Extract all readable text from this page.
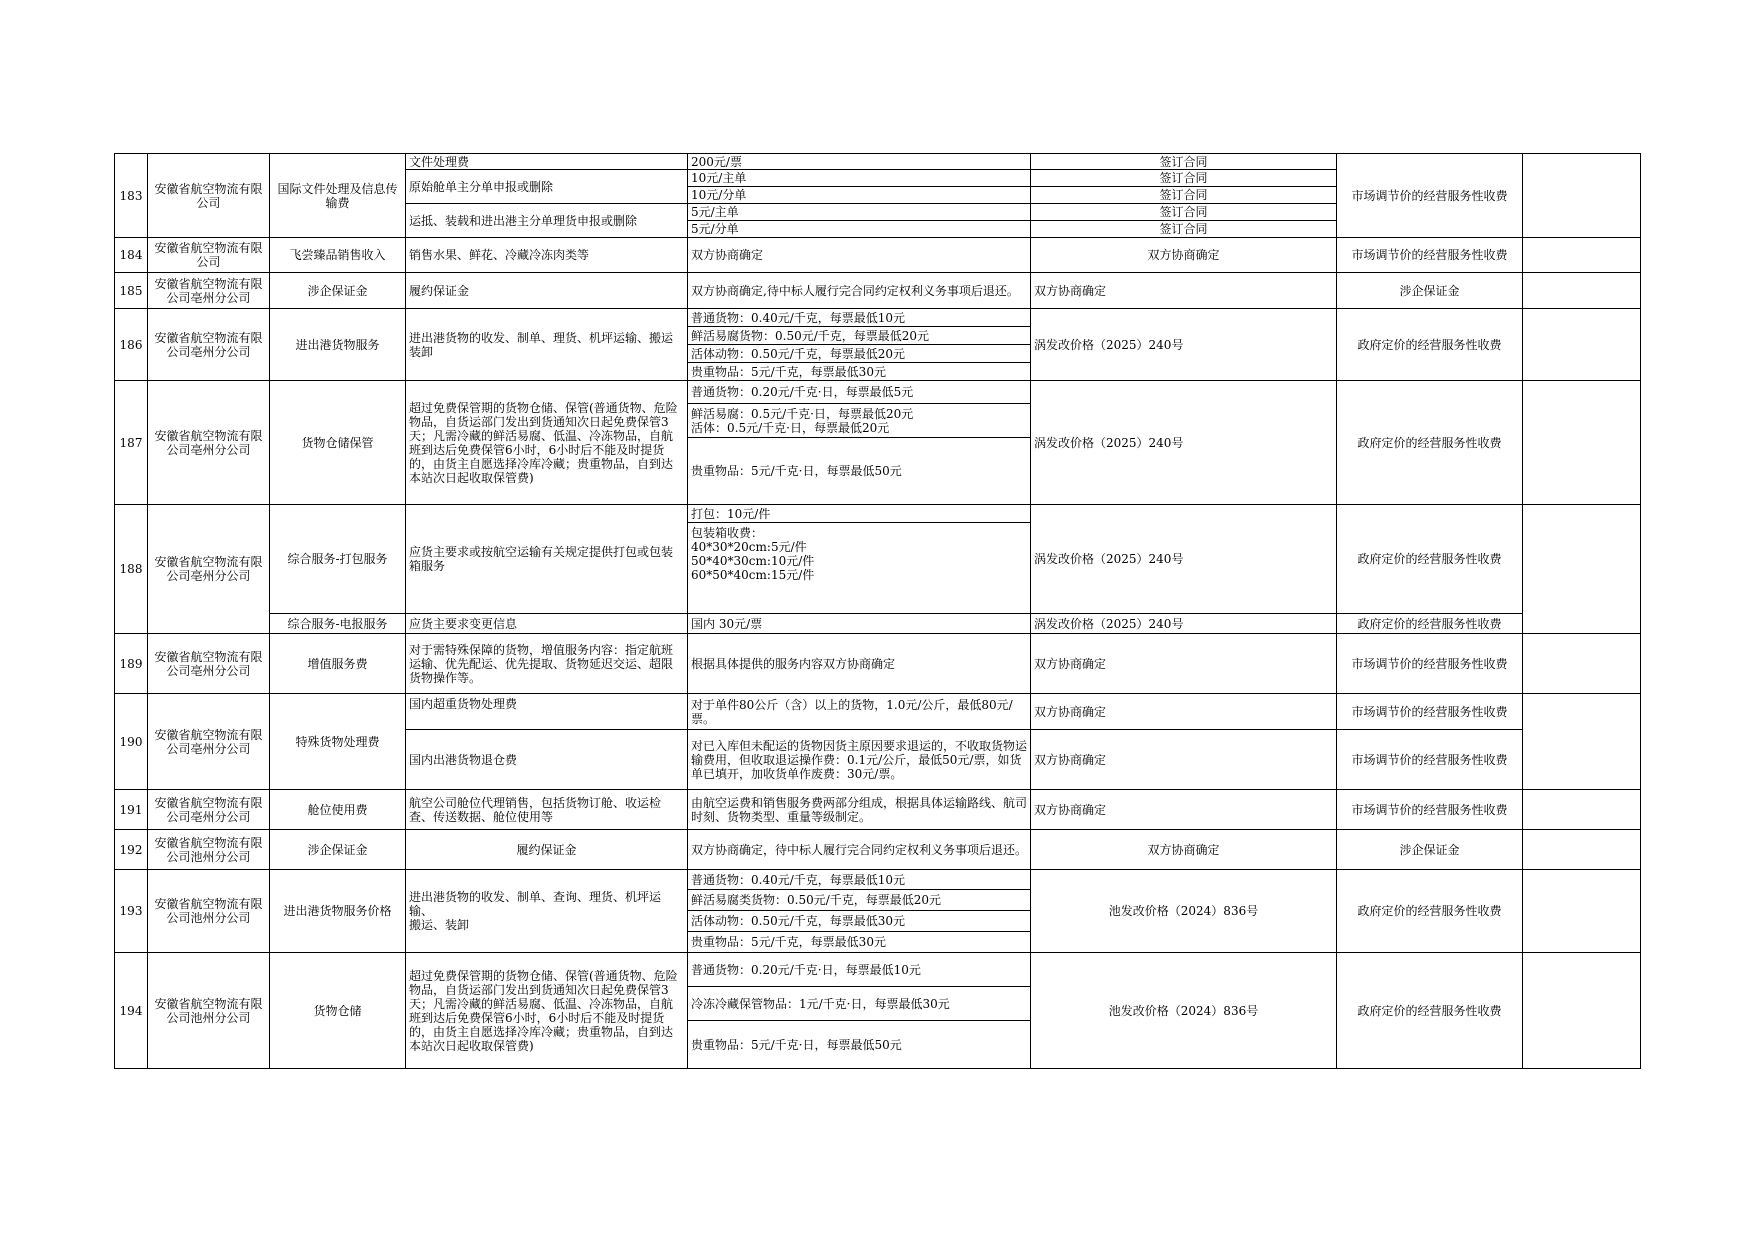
183	安徽省航空物流有限公司	国际文件处理及信息传输费	文件处理费	200元/票	签订合同	市场调节价的经营服务性收费	
			原始舱单主分单申报或删除	10元/主单	签订合同		
				10元/分单	签订合同		
			运抵、装载和进出港主分单理货申报或删除	5元/主单	签订合同		
				5元/分单	签订合同		
184	安徽省航空物流有限公司	飞尝臻品销售收入	销售水果、鲜花、冷藏冷冻肉类等	双方协商确定	双方协商确定	市场调节价的经营服务性收费	
185	安徽省航空物流有限公司亳州分公司	涉企保证金	履约保证金	双方协商确定,待中标人履行完合同约定权利义务事项后退还。	双方协商确定	涉企保证金	
186	安徽省航空物流有限公司亳州分公司	进出港货物服务	进出港货物的收发、制单、理货、机坪运输、搬运装卸	普通货物：0.40元/千克，每票最低10元	涡发改价格（2025）240号	政府定价的经营服务性收费	
				鲜活易腐货物：0.50元/千克，每票最低20元			
				活体动物：0.50元/千克，每票最低20元			
				贵重物品：5元/千克，每票最低30元			
187	安徽省航空物流有限公司亳州分公司	货物仓储保管	超过免费保管期的货物仓储、保管(普通货物、危险物品，自货运部门发出到货通知次日起免费保管3天；凡需冷藏的鲜活易腐、低温、冷冻物品，自航班到达后免费保管6小时，6小时后不能及时提货的，由货主自愿选择冷库冷藏；贵重物品，自到达本站次日起收取保管费)	普通货物：0.20元/千克·日，每票最低5元	涡发改价格（2025）240号	政府定价的经营服务性收费	

				鲜活易腐：0.5元/千克·日，每票最低20元
活体：0.5元/千克·日，每票最低20元			

				贵重物品：5元/千克·日，每票最低50元			
188	安徽省航空物流有限公司亳州分公司	综合服务-打包服务	应货主要求或按航空运输有关规定提供打包或包装箱服务	打包：10元/件	涡发改价格（2025）240号	政府定价的经营服务性收费	

				包装箱收费：
40*30*20cm:5元/件
50*40*30cm:10元/件
60*50*40cm:15元/件			

		综合服务-电报服务	应货主要求变更信息	国内 30元/票	涡发改价格（2025）240号	政府定价的经营服务性收费	
189	安徽省航空物流有限公司亳州分公司	增值服务费	对于需特殊保障的货物，增值服务内容：指定航班运输、优先配运、优先提取、货物延迟交运、超限货物操作等。	根据具体提供的服务内容双方协商确定	双方协商确定	市场调节价的经营服务性收费	
190	安徽省航空物流有限公司亳州分公司	特殊货物处理费	国内超重货物处理费	对于单件80公斤（含）以上的货物，1.0元/公斤，最低80元/票。	双方协商确定	市场调节价的经营服务性收费	
			国内出港货物退仓费	对已入库但未配运的货物因货主原因要求退运的，不收取货物运输费用，但收取退运操作费：0.1元/公斤，最低50元/票，如货单已填开，加收货单作废费：30元/票。	双方协商确定	市场调节价的经营服务性收费	
191	安徽省航空物流有限公司亳州分公司	舱位使用费	航空公司舱位代理销售，包括货物订舱、收运检查、传送数据、舱位使用等	由航空运费和销售服务费两部分组成，根据具体运输路线、航司时刻、货物类型、重量等级制定。	双方协商确定	市场调节价的经营服务性收费	
192	安徽省航空物流有限公司池州分公司	涉企保证金	履约保证金	双方协商确定，待中标人履行完合同约定权利义务事项后退还。	双方协商确定	涉企保证金	
193	安徽省航空物流有限公司池州分公司	进出港货物服务价格	进出港货物的收发、制单、查询、理货、机坪运输、
搬运、装卸	普通货物：0.40元/千克，每票最低10元	池发改价格（2024）836号	政府定价的经营服务性收费	
				鲜活易腐类货物：0.50元/千克，每票最低20元			
				活体动物：0.50元/千克，每票最低30元			
				贵重物品：5元/千克，每票最低30元			
194	安徽省航空物流有限公司池州分公司	货物仓储	超过免费保管期的货物仓储、保管(普通货物、危险物品，自货运部门发出到货通知次日起免费保管3天；凡需冷藏的鲜活易腐、低温、冷冻物品，自航班到达后免费保管6小时，6小时后不能及时提货的，由货主自愿选择冷库冷藏；贵重物品，自到达本站次日起收取保管费)	普通货物：0.20元/千克·日，每票最低10元	池发改价格（2024）836号	政府定价的经营服务性收费	
				冷冻冷藏保管物品：1元/千克·日，每票最低30元			
				贵重物品：5元/千克·日，每票最低50元			
